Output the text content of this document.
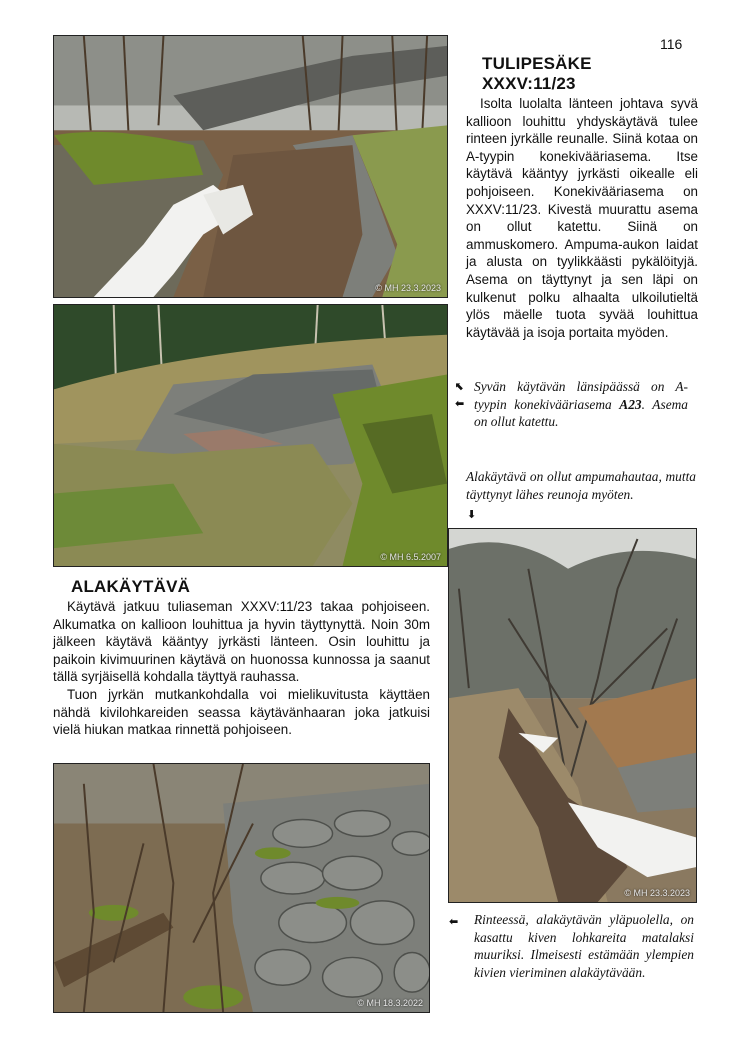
116
© MH 23.3.2023
TULIPESÄKE
XXXV:11/23

Isolta luolalta länteen johtava syvä kallioon louhittu yhdyskäytävä tulee rinteen jyrkälle reunalle. Siinä kotaa on A-tyypin konekivääriasema. Itse käytävä kääntyy jyrkästi oikealle eli pohjoiseen. Konekivääriasema on XXXV:11/23. Kivestä muurattu asema on ollut katettu. Siinä on ammuskomero. Ampuma-aukon laidat ja alusta on tyylikkäästi pykälöityjä. Asema on täyttynyt ja sen läpi on kulkenut polku alhaalta ulkoilutieltä ylös mäelle tuota syvää louhittua käytävää ja isoja portaita myöden.

© MH 6.5.2007
⬉
⬅
Syvän käytävän länsipäässä on A-tyypin konekivääriasema A23. Asema on ollut katettu.
Alakäytävä on ollut ampumahautaa, mutta täyttynyt lähes reunoja myöten.
⬇
© MH 23.3.2023
ALAKÄYTÄVÄ

Käytävä jatkuu tuliaseman XXXV:11/23 takaa pohjoiseen. Alkumatka on kallioon louhittua ja hyvin täyttynyttä. Noin 30m jälkeen käytävä kääntyy jyrkästi länteen. Osin louhittu ja paikoin kivimuurinen käytävä on huonossa kunnossa ja saanut tällä syrjäisellä kohdalla täyttyä rauhassa.

Tuon jyrkän mutkankohdalla voi mielikuvitusta käyttäen nähdä kivilohkareiden seassa käytävänhaaran joka jatkuisi vielä hiukan matkaa rinnettä pohjoiseen.

© MH 18.3.2022
⬅ Rinteessä, alakäytävän yläpuolella, on kasattu kiven lohkareita matalaksi muuriksi. Ilmeisesti estämään ylempien kivien vieriminen alakäytävään.
